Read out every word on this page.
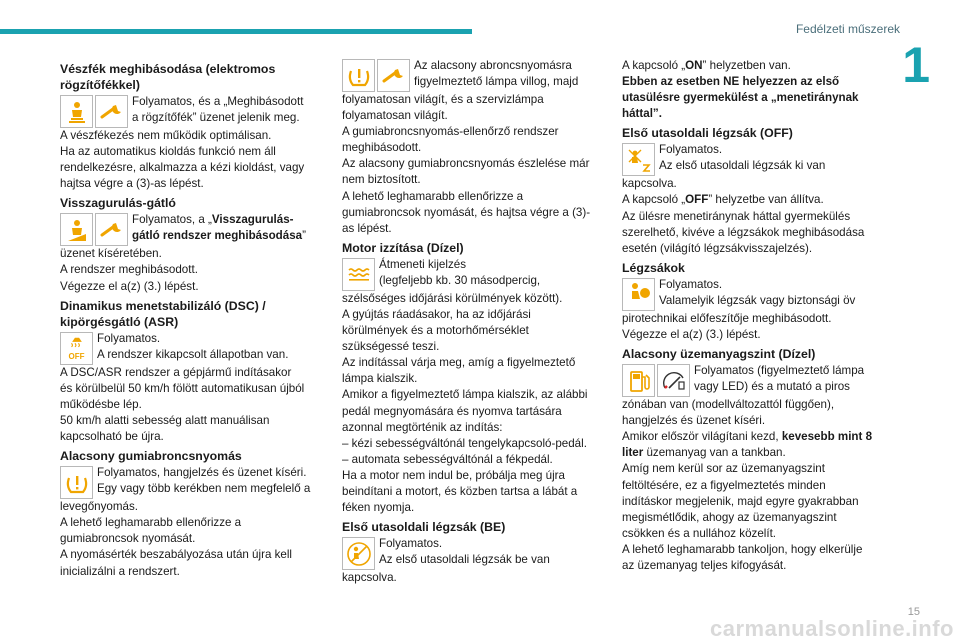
Fedélzeti műszerek
1
Vészfék meghibásodása (elektromos
rögzítőfékkel)
Folyamatos, és a „Meghibásodott
a rögzítőfék” üzenet jelenik meg.
A vészfékezés nem működik optimálisan.
Ha az automatikus kioldás funkció nem áll
rendelkezésre, alkalmazza a kézi kioldást, vagy
hajtsa végre a (3)-as lépést.
Visszagurulás-gátló
Folyamatos, a „Visszagurulás-
gátló rendszer meghibásodása”
üzenet kíséretében.
A rendszer meghibásodott.
Végezze el a(z) (3.) lépést.
Dinamikus menetstabilizáló (DSC) /
kipörgésgátló (ASR)
OFF
Folyamatos.
A rendszer kikapcsolt állapotban van.
A DSC/ASR rendszer a gépjármű indításakor
és körülbelül 50 km/h fölött automatikusan újból
működésbe lép.
50 km/h alatti sebesség alatt manuálisan
kapcsolható be újra.
Alacsony gumiabroncsnyomás
Folyamatos, hangjelzés és üzenet kíséri.
Egy vagy több kerékben nem megfelelő a
levegőnyomás.
A lehető leghamarabb ellenőrizze a
gumiabroncsok nyomását.
A nyomásérték beszabályozása után újra kell
inicializálni a rendszert.
Az alacsony abroncsnyomásra
figyelmeztető lámpa villog, majd
folyamatosan világít, és a szervizlámpa
folyamatosan világít.
A gumiabroncsnyomás-ellenőrző rendszer
meghibásodott.
Az alacsony gumiabroncsnyomás észlelése már
nem biztosított.
A lehető leghamarabb ellenőrizze a
gumiabroncsok nyomását, és hajtsa végre a (3)-
as lépést.
Motor izzítása (Dízel)
Átmeneti kijelzés
(legfeljebb kb. 30 másodpercig,
szélsőséges időjárási körülmények között).
A gyújtás ráadásakor, ha az időjárási
körülmények és a motorhőmérséklet
szükségessé teszi.
Az indítással várja meg, amíg a figyelmeztető
lámpa kialszik.
Amikor a figyelmeztető lámpa kialszik, az alábbi
pedál megnyomására és nyomva tartására
azonnal megtörténik az indítás:
– kézi sebességváltónál tengelykapcsoló-pedál.
– automata sebességváltónál a fékpedál.
Ha a motor nem indul be, próbálja meg újra
beindítani a motort, és közben tartsa a lábát a
féken nyomja.
Első utasoldali légzsák (BE)
Folyamatos.
Az első utasoldali légzsák be van
kapcsolva.
A kapcsoló „ON” helyzetben van.
Ebben az esetben NE helyezzen az első
utasülésre gyermekülést a „menetiránynak
háttal”.
Első utasoldali légzsák (OFF)
Folyamatos.
Az első utasoldali légzsák ki van
kapcsolva.
A kapcsoló „OFF” helyzetbe van állítva.
Az ülésre menetiránynak háttal gyermekülés
szerelhető, kivéve a légzsákok meghibásodása
esetén (világító légzsákvisszajelzés).
Légzsákok
Folyamatos.
Valamelyik légzsák vagy biztonsági öv
pirotechnikai előfeszítője meghibásodott.
Végezze el a(z) (3.) lépést.
Alacsony üzemanyagszint (Dízel)
Folyamatos (figyelmeztető lámpa
vagy LED) és a mutató a piros
zónában van (modellváltozattól függően),
hangjelzés és üzenet kíséri.
Amikor először világítani kezd, kevesebb mint 8
liter üzemanyag van a tankban.
Amíg nem kerül sor az üzemanyagszint
feltöltésére, ez a figyelmeztetés minden
indításkor megjelenik, majd egyre gyakrabban
megismétlődik, ahogy az üzemanyagszint
csökken és a nullához közelít.
A lehető leghamarabb tankoljon, hogy elkerülje
az üzemanyag teljes kifogyását.
15
carmanualsonline.info
